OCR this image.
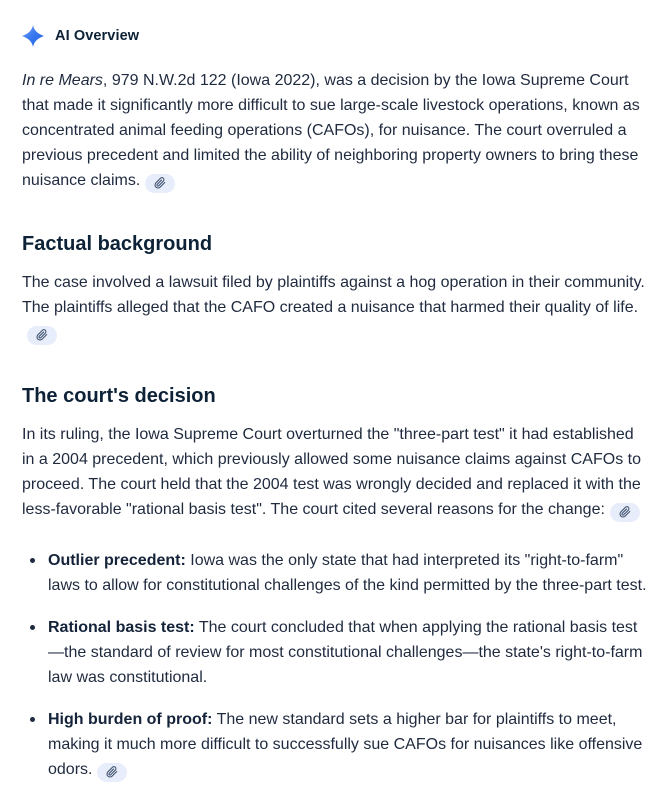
AI Overview

In re Mears, 979 N.W.2d 122 (Iowa 2022), was a decision by the Iowa Supreme Court that made it significantly more difficult to sue large-scale livestock operations, known as concentrated animal feeding operations (CAFOs), for nuisance. The court overruled a previous precedent and limited the ability of neighboring property owners to bring these nuisance claims.

Factual background

The case involved a lawsuit filed by plaintiffs against a hog operation in their community. The plaintiffs alleged that the CAFO created a nuisance that harmed their quality of life.

The court's decision

In its ruling, the Iowa Supreme Court overturned the "three-part test" it had established in a 2004 precedent, which previously allowed some nuisance claims against CAFOs to proceed. The court held that the 2004 test was wrongly decided and replaced it with the less-favorable "rational basis test". The court cited several reasons for the change:

Outlier precedent: Iowa was the only state that had interpreted its "right-to-farm" laws to allow for constitutional challenges of the kind permitted by the three-part test.
Rational basis test: The court concluded that when applying the rational basis test—the standard of review for most constitutional challenges—the state's right-to-farm law was constitutional.
High burden of proof: The new standard sets a higher bar for plaintiffs to meet, making it much more difficult to successfully sue CAFOs for nuisances like offensive odors.
